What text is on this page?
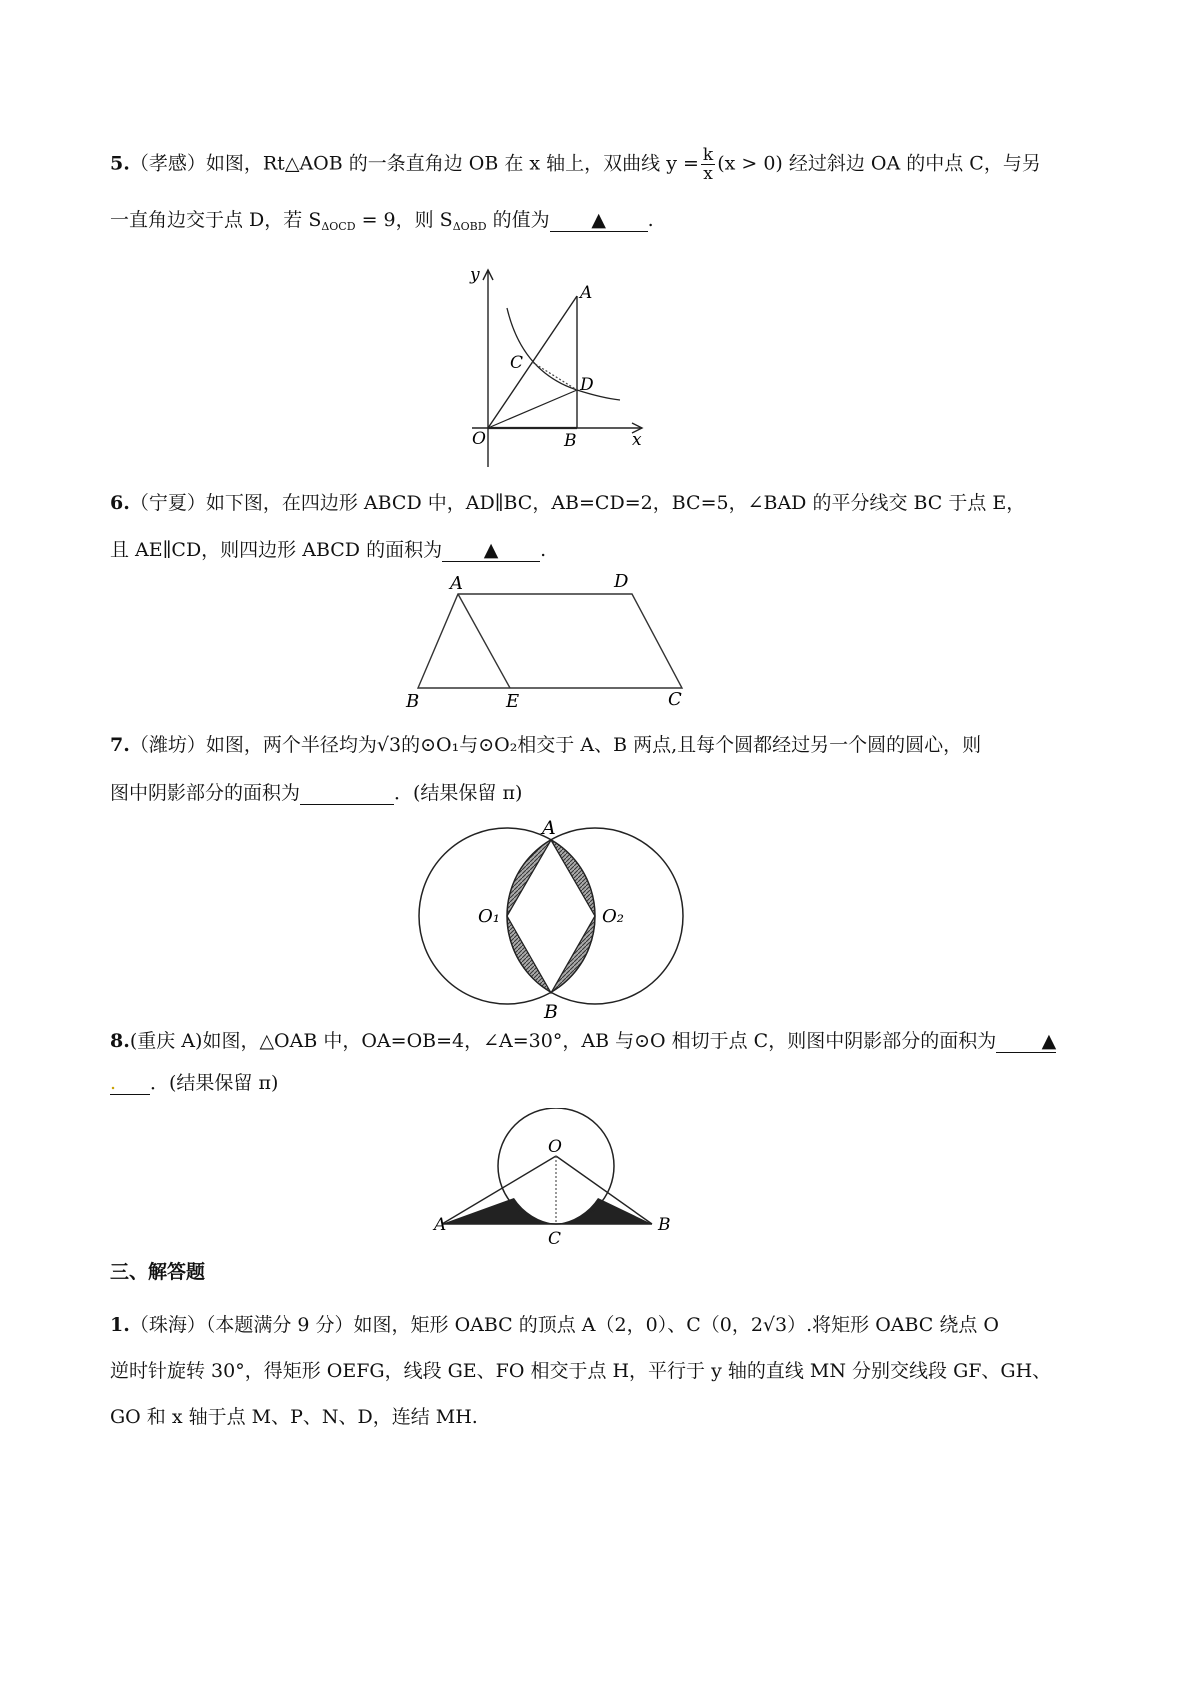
5.（孝感）如图，Rt△AOB 的一条直角边 OB 在 x 轴上，双曲线 $y = \frac{k}{x} (x > 0)$ 经过斜边 OA 的中点 C，与另
一直角边交于点 D，若 $S_{\Delta OCD} = 9$，则 $S_{\Delta OBD}$ 的值为 ▲ .
y
x
A
B
C
D
O
6.（宁夏）如下图，在四边形 ABCD 中，AD∥BC，AB=CD=2，BC=5，∠BAD 的平分线交 BC 于点 E，
且 AE∥CD，则四边形 ABCD 的面积为 ▲ .
A	D
B	E	C
7.（潍坊）如图，两个半径均为√3的⊙O₁与⊙O₂相交于 A、B 两点,且每个圆都经过另一个圆的圆心，则
图中阴影部分的面积为	．(结果保留 π)
A
B
O₁	O₂
8.(重庆 A)如图，△OAB 中，OA=OB=4，∠A=30°，AB 与⊙O 相切于点 C，则图中阴影部分的面积为 ▲
. ．(结果保留 π)
O
A	B
C
三、解答题
1.（珠海）（本题满分 9 分）如图，矩形 OABC 的顶点 A（2，0）、C（0，2√3）.将矩形 OABC 绕点 O
逆时针旋转 30°，得矩形 OEFG，线段 GE、FO 相交于点 H，平行于 y 轴的直线 MN 分别交线段 GF、GH、
GO 和 x 轴于点 M、P、N、D，连结 MH.
